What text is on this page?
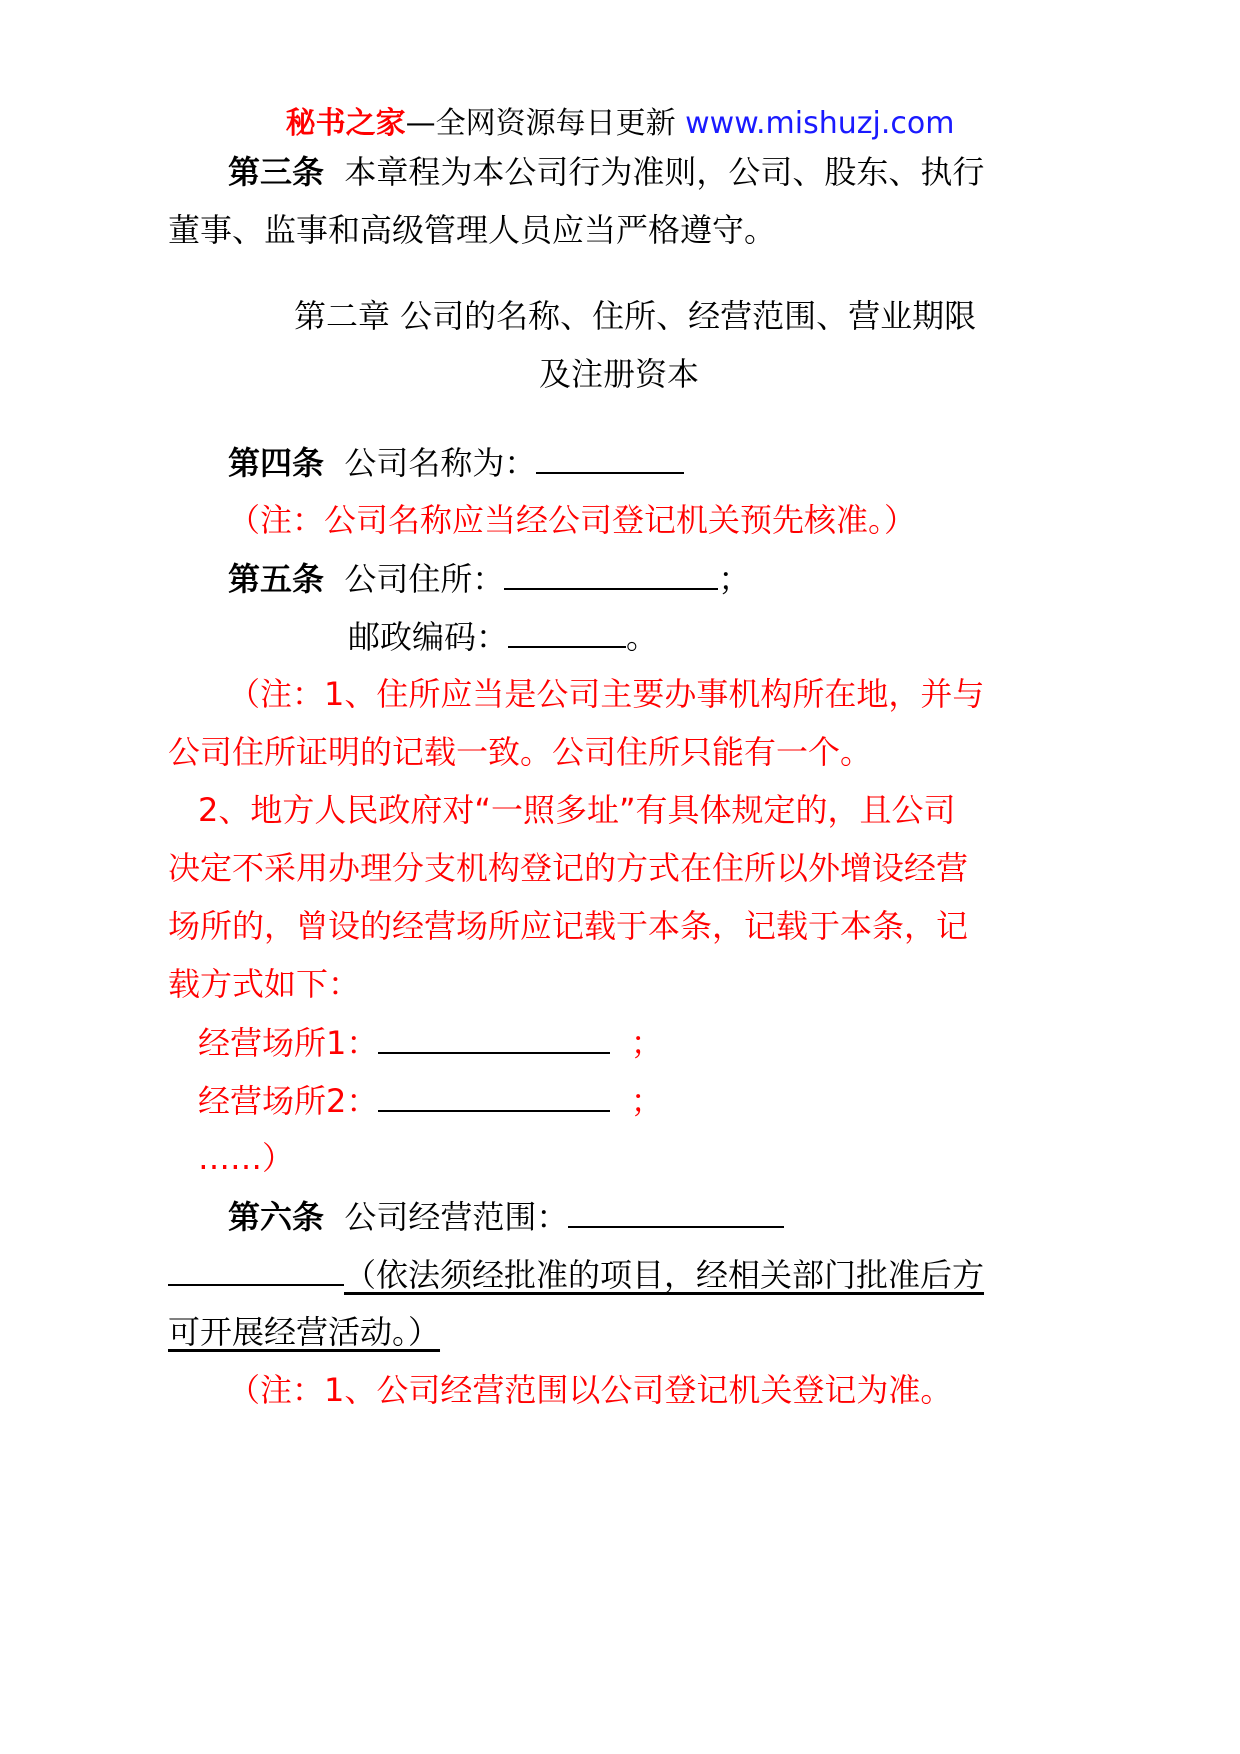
秘书之家—全网资源每日更新 www.mishuzj.com
第三条 本章程为本公司行为准则，公司、股东、执行
董事、监事和高级管理人员应当严格遵守。
第二章 公司的名称、住所、经营范围、营业期限
及注册资本
第四条 公司名称为：
（注：公司名称应当经公司登记机关预先核准。）
第五条 公司住所：	；
邮政编码：	。
（注：1、住所应当是公司主要办事机构所在地，并与
公司住所证明的记载一致。公司住所只能有一个。
2、地方人民政府对“一照多址”有具体规定的，且公司
决定不采用办理分支机构登记的方式在住所以外增设经营
场所的，曾设的经营场所应记载于本条，记载于本条，记
载方式如下：
经营场所1：	；
经营场所2：	；
……）
第六条 公司经营范围：
（依法须经批准的项目，经相关部门批准后方
可开展经营活动。）
（注：1、公司经营范围以公司登记机关登记为准。
